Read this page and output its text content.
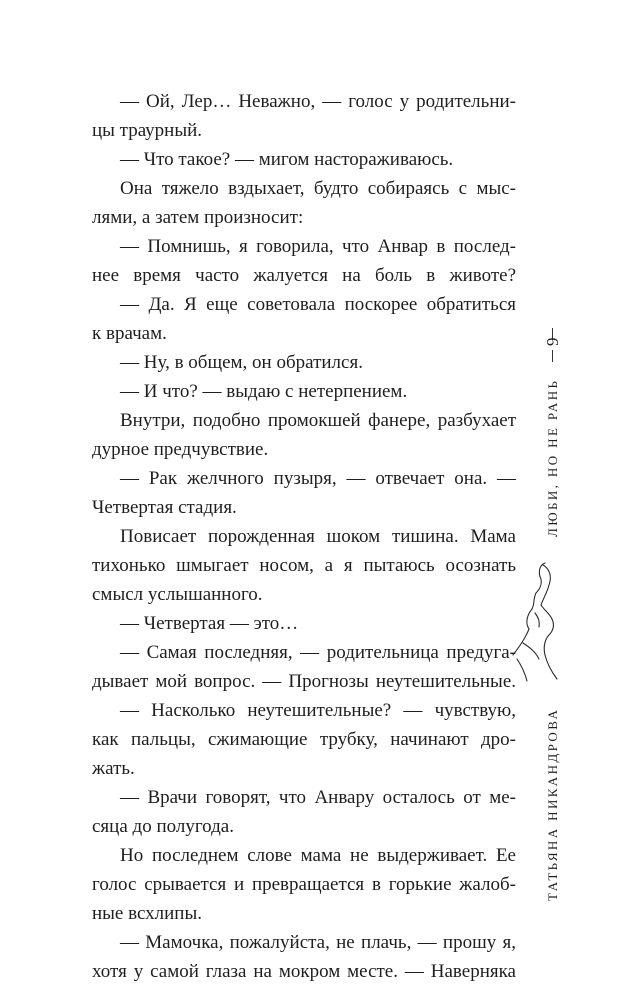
— Ой, Лер… Неважно, — голос у родительни-
цы траурный.
— Что такое? — мигом настораживаюсь.
Она тяжело вздыхает, будто собираясь с мыс-
лями, а затем произносит:
— Помнишь, я говорила, что Анвар в послед-
нее время часто жалуется на боль в животе?
— Да. Я еще советовала поскорее обратиться
к врачам.
— Ну, в общем, он обратился.
— И что? — выдаю с нетерпением.
Внутри, подобно промокшей фанере, разбухает
дурное предчувствие.
— Рак желчного пузыря, — отвечает она. —
Четвертая стадия.
Повисает порожденная шоком тишина. Мама
тихонько шмыгает носом, а я пытаюсь осознать
смысл услышанного.
— Четвертая — это…
— Самая последняя, — родительница предуга-
дывает мой вопрос. — Прогнозы неутешительные.
— Насколько неутешительные? — чувствую,
как пальцы, сжимающие трубку, начинают дро-
жать.
— Врачи говорят, что Анвару осталось от ме-
сяца до полугода.
Но последнем слове мама не выдерживает. Ее
голос срывается и превращается в горькие жалоб-
ные всхлипы.
— Мамочка, пожалуйста, не плачь, — прошу я,
хотя у самой глаза на мокром месте. — Наверняка
9
ЛЮБИ, НО НЕ РАНЬ
ТАТЬЯНА НИКАНДРОВА
